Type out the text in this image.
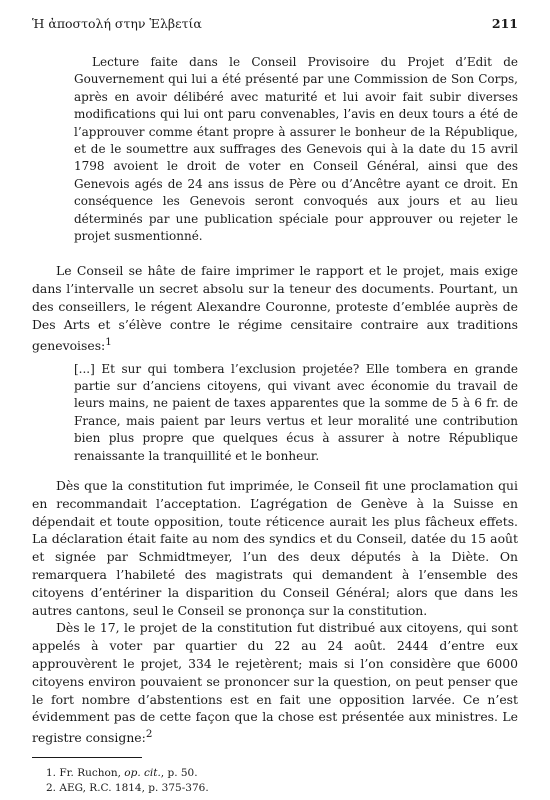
Ἡ ἀποστολή στην Ἑλβετία	211

Lecture faite dans le Conseil Provisoire du Projet d’Edit de Gouvernement qui lui a été présenté par une Commission de Son Corps, après en avoir délibéré avec maturité et lui avoir fait subir diverses modifications qui lui ont paru convenables, l’avis en deux tours a été de l’approuver comme étant propre à assurer le bonheur de la République, et de le soumettre aux suffrages des Genevois qui à la date du 15 avril 1798 avoient le droit de voter en Conseil Général, ainsi que des Genevois agés de 24 ans issus de Père ou d’Ancêtre ayant ce droit. En conséquence les Genevois seront convoqués aux jours et au lieu déterminés par une publication spéciale pour approuver ou rejeter le projet susmentionné.

Le Conseil se hâte de faire imprimer le rapport et le projet, mais exige dans l’intervalle un secret absolu sur la teneur des documents. Pourtant, un des conseillers, le régent Alexandre Couronne, proteste d’emblée auprès de Des Arts et s’élève contre le régime censitaire contraire aux traditions genevoises:$^1$

[...] Et sur qui tombera l’exclusion projetée? Elle tombera en grande partie sur d’anciens citoyens, qui vivant avec économie du travail de leurs mains, ne paient de taxes apparentes que la somme de 5 à 6 fr. de France, mais paient par leurs vertus et leur moralité une contribution bien plus propre que quelques écus à assurer à notre République renaissante la tranquillité et le bonheur.

Dès que la constitution fut imprimée, le Conseil fit une proclamation qui en recommandait l’acceptation. L’agrégation de Genève à la Suisse en dépendait et toute opposition, toute réticence aurait les plus fâcheux effets. La déclaration était faite au nom des syndics et du Conseil, datée du 15 août et signée par Schmidtmeyer, l’un des deux députés à la Diète. On remarquera l’habileté des magistrats qui demandent à l’ensemble des citoyens d’entériner la disparition du Conseil Général; alors que dans les autres cantons, seul le Conseil se prononça sur la constitution.

Dès le 17, le projet de la constitution fut distribué aux citoyens, qui sont appelés à voter par quartier du 22 au 24 août. 2444 d’entre eux approuvèrent le projet, 334 le rejetèrent; mais si l’on considère que 6000 citoyens environ pouvaient se prononcer sur la question, on peut penser que le fort nombre d’abstentions est en fait une opposition larvée. Ce n’est évidemment pas de cette façon que la chose est présentée aux ministres. Le registre consigne:$^2$

1. Fr. Ruchon, op. cit., p. 50.
2. AEG, R.C. 1814, p. 375-376.
